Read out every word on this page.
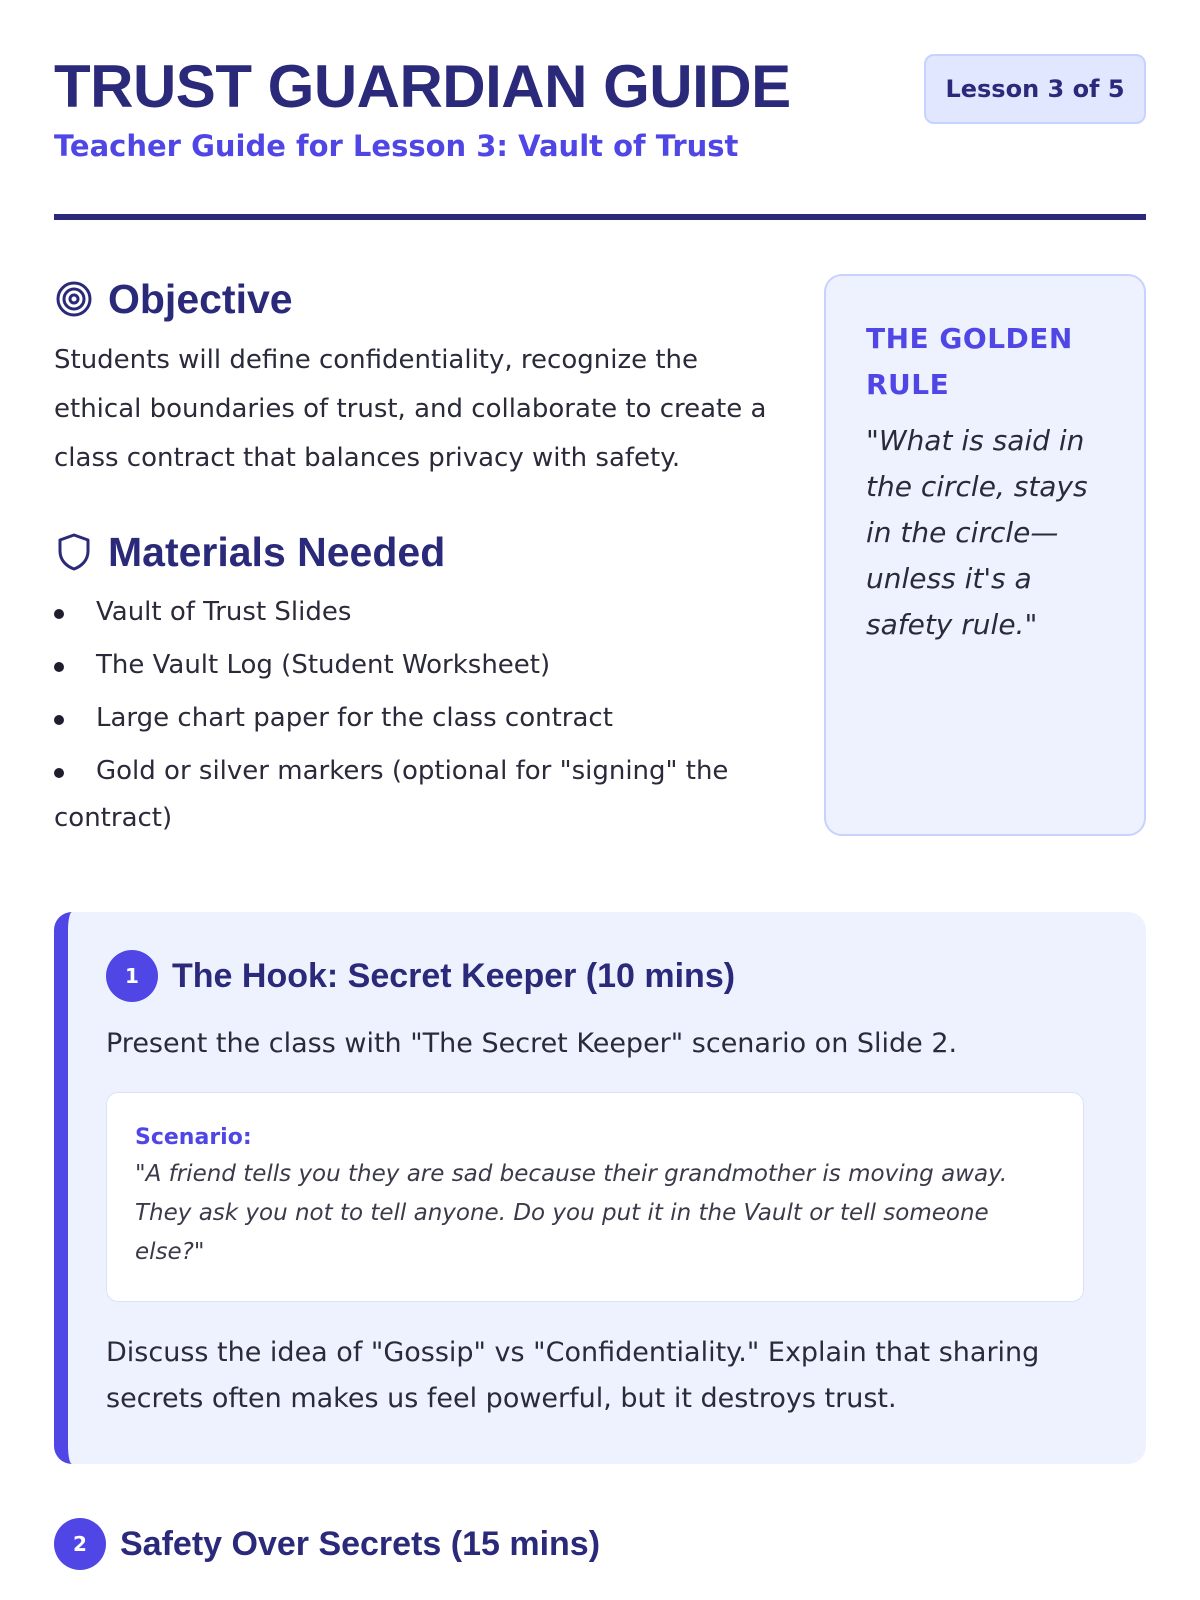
TRUST GUARDIAN GUIDE
Teacher Guide for Lesson 3: Vault of Trust
Lesson 3 of 5
Objective

Students will define confidentiality, recognize the ethical boundaries of trust, and collaborate to create a class contract that balances privacy with safety.

Materials Needed
Vault of Trust Slides
The Vault Log (Student Worksheet)
Large chart paper for the class contract
Gold or silver markers (optional for "signing" the contract)
THE GOLDEN RULE
"What is said in the circle, stays in the circle—unless it's a safety rule."
1 The Hook: Secret Keeper (10 mins)

Present the class with "The Secret Keeper" scenario on Slide 2.

Scenario:
"A friend tells you they are sad because their grandmother is moving away. They ask you not to tell anyone. Do you put it in the Vault or tell someone else?"

Discuss the idea of "Gossip" vs "Confidentiality." Explain that sharing secrets often makes us feel powerful, but it destroys trust.

2 Safety Over Secrets (15 mins)
